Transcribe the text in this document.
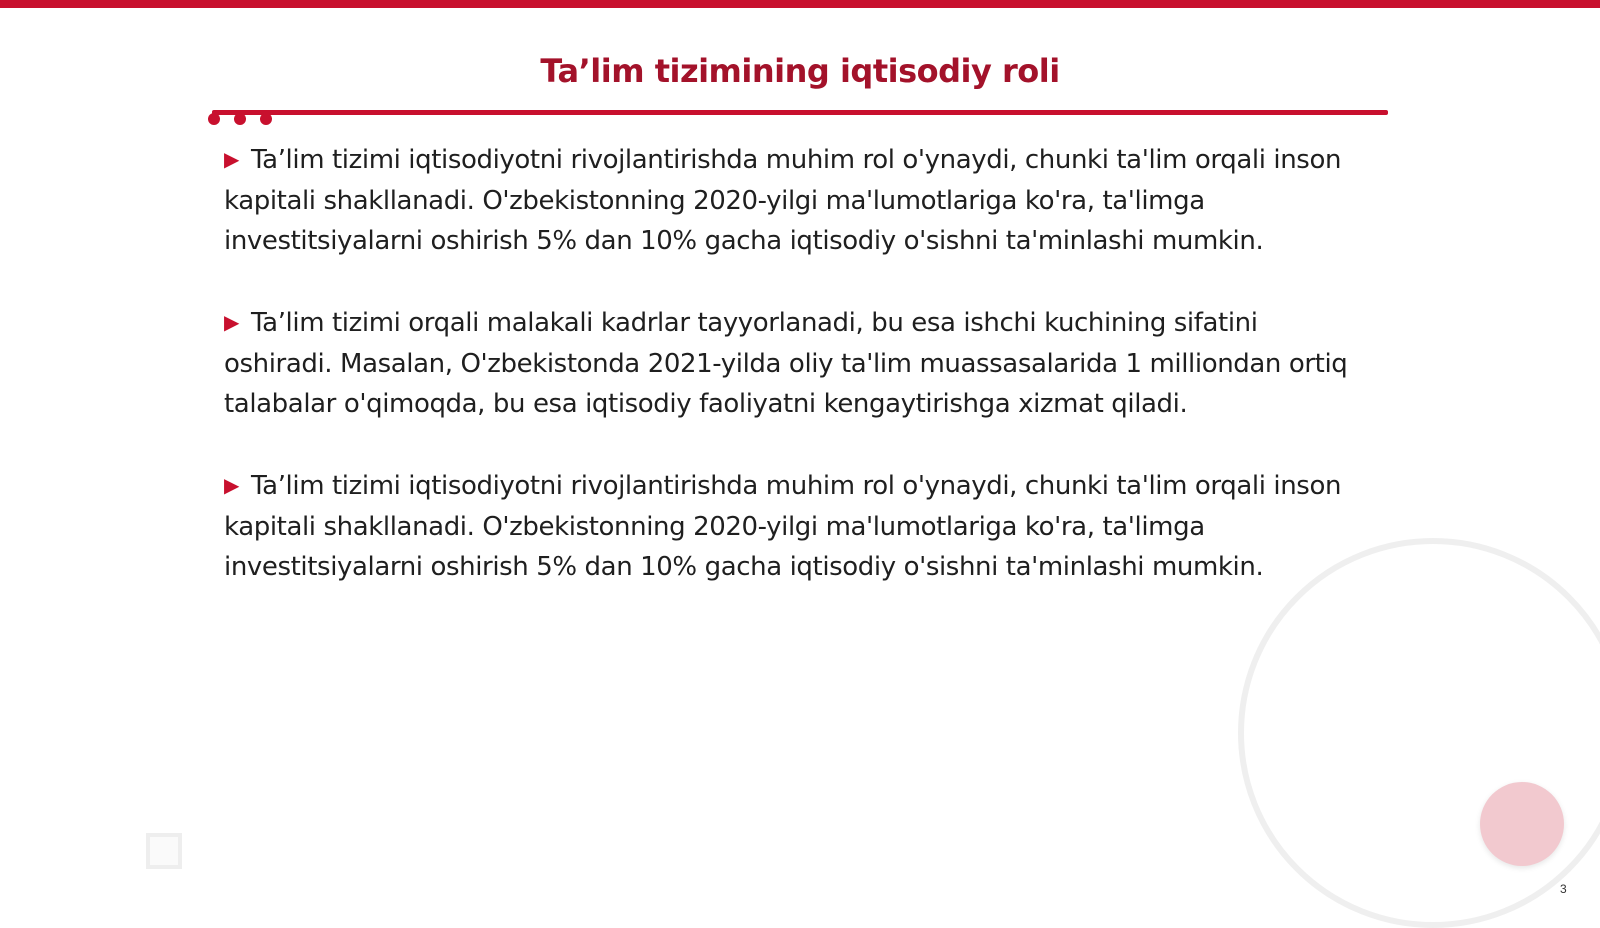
Ta’lim tizimining iqtisodiy roli
▶ Ta’lim tizimi iqtisodiyotni rivojlantirishda muhim rol o'ynaydi, chunki ta'lim orqali inson kapitali shakllanadi. O'zbekistonning 2020-yilgi ma'lumotlariga ko'ra, ta'limga investitsiyalarni oshirish 5% dan 10% gacha iqtisodiy o'sishni ta'minlashi mumkin.
▶ Ta’lim tizimi orqali malakali kadrlar tayyorlanadi, bu esa ishchi kuchining sifatini oshiradi. Masalan, O'zbekistonda 2021-yilda oliy ta'lim muassasalarida 1 milliondan ortiq talabalar o'qimoqda, bu esa iqtisodiy faoliyatni kengaytirishga xizmat qiladi.
▶ Ta’lim tizimi iqtisodiyotni rivojlantirishda muhim rol o'ynaydi, chunki ta'lim orqali inson kapitali shakllanadi. O'zbekistonning 2020-yilgi ma'lumotlariga ko'ra, ta'limga investitsiyalarni oshirish 5% dan 10% gacha iqtisodiy o'sishni ta'minlashi mumkin.
3
